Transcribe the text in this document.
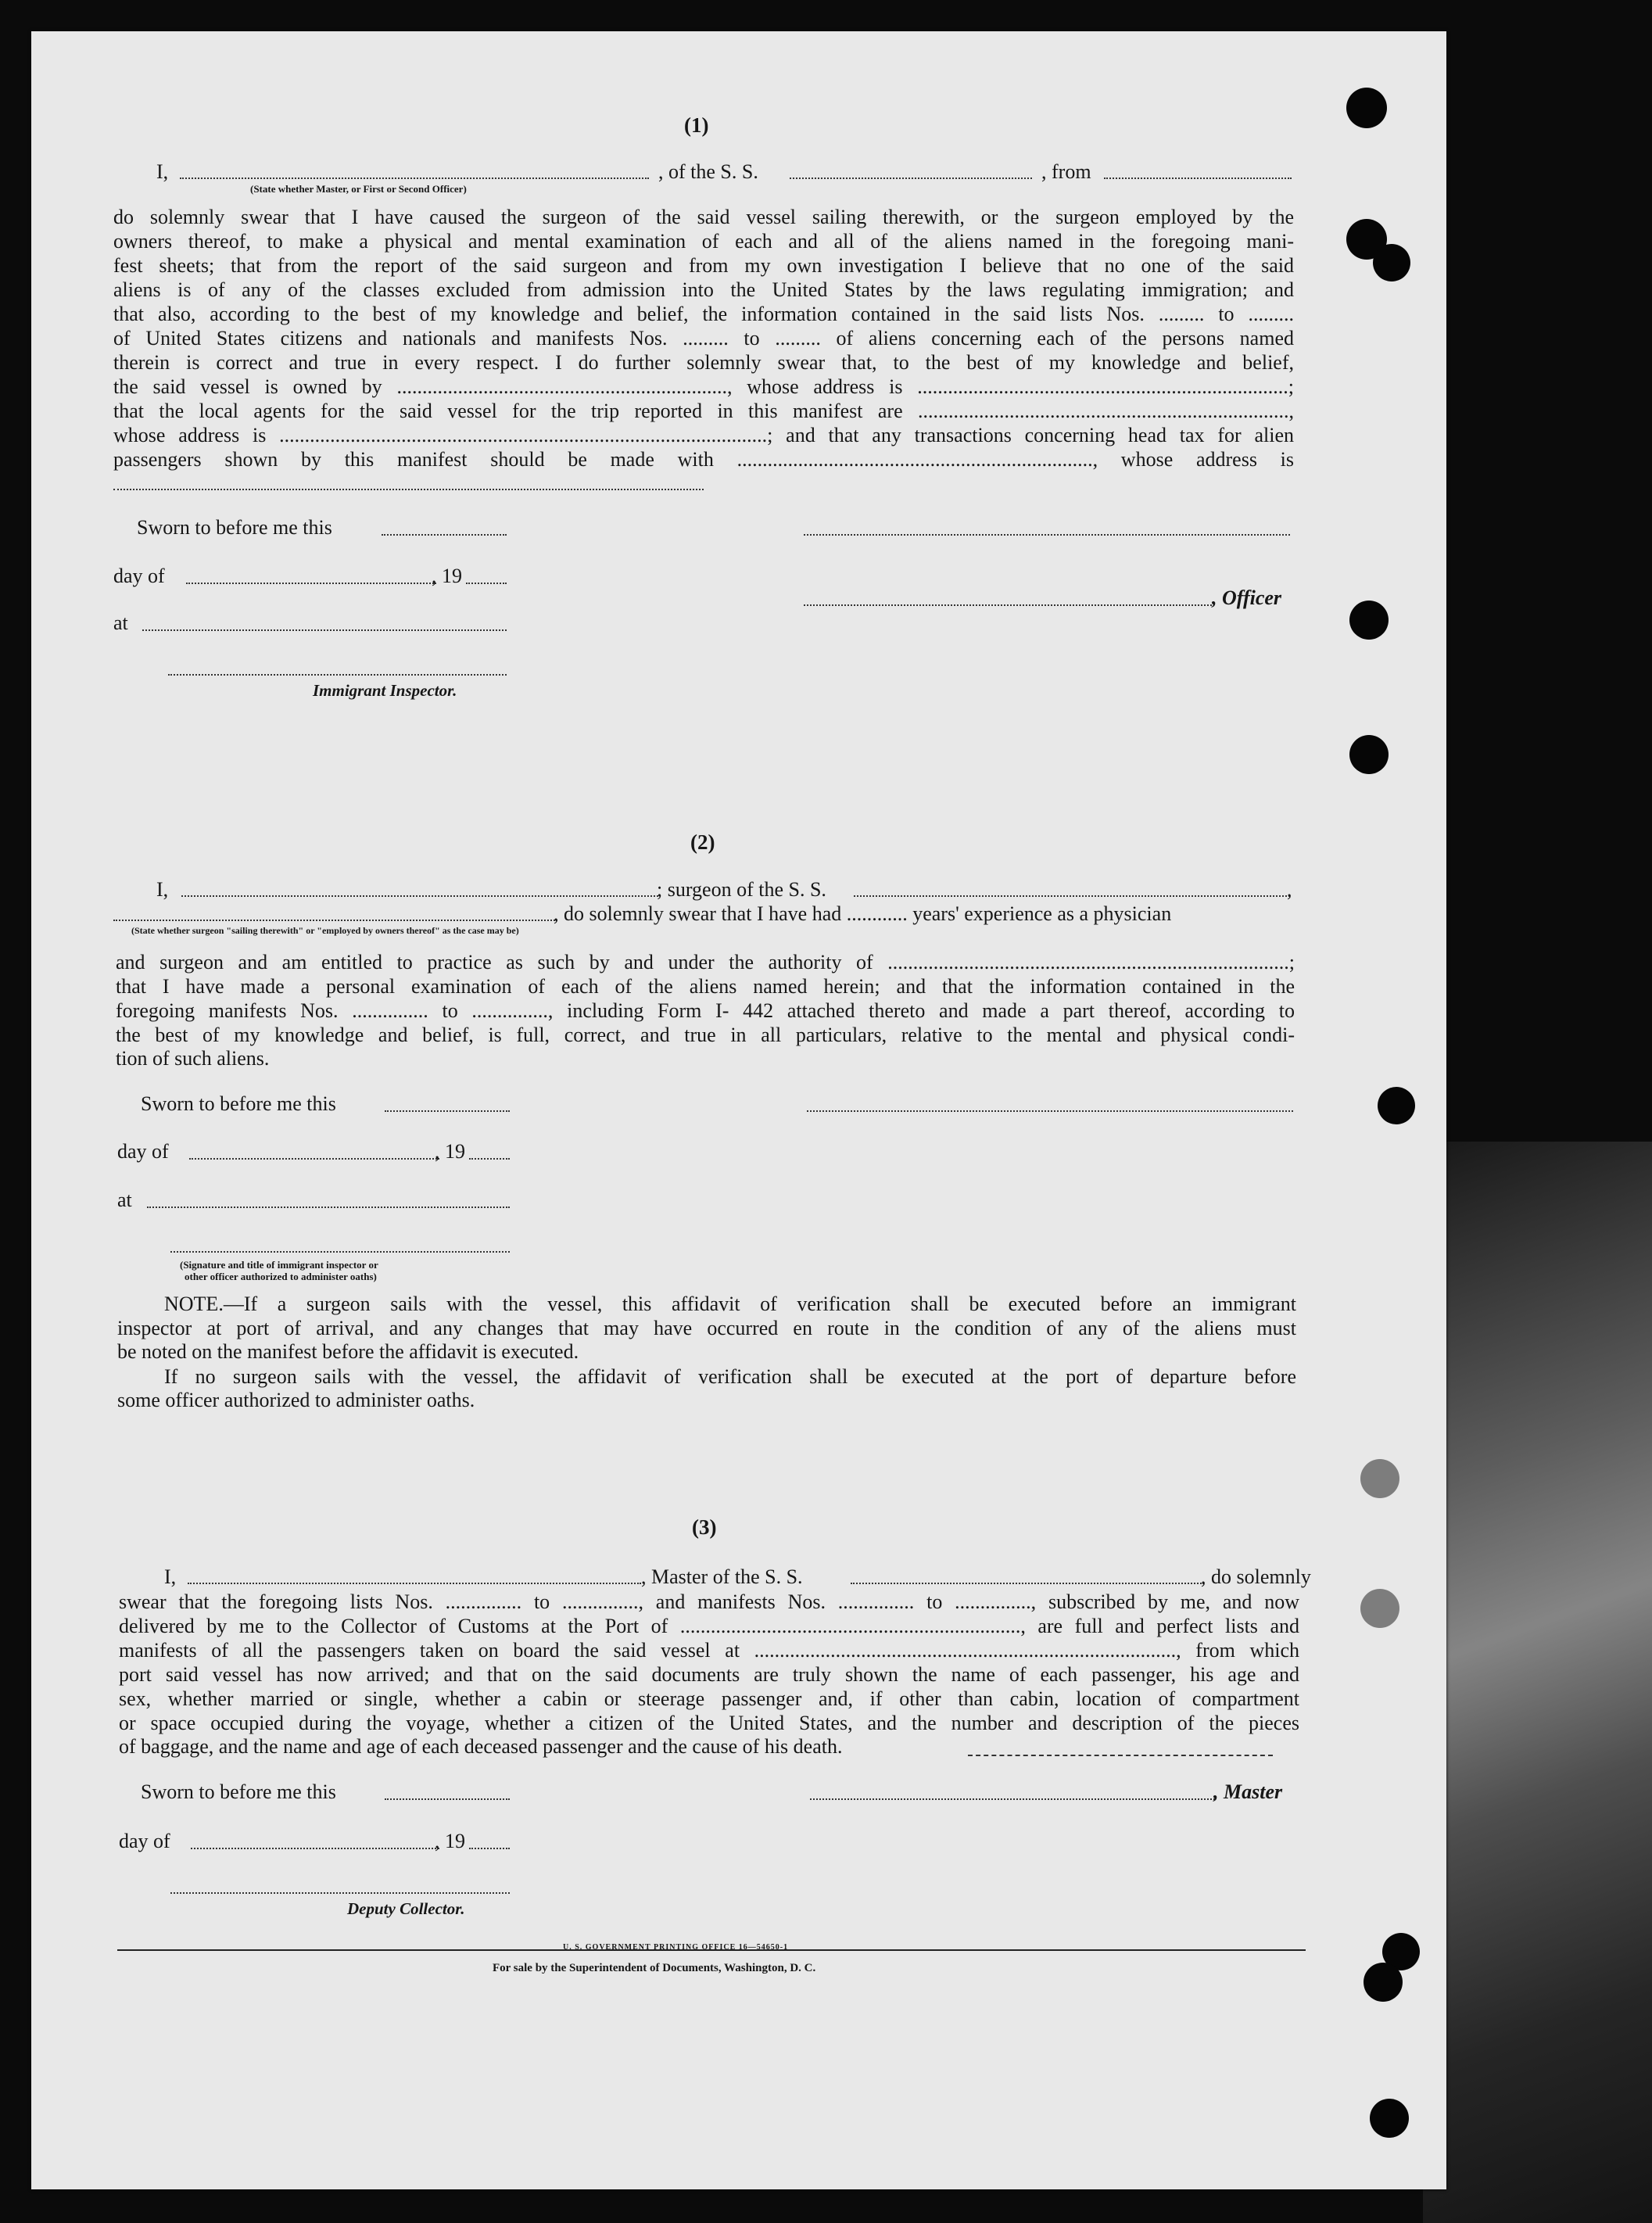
(1)
I,	, of the S. S.	, from
(State whether Master, or First or Second Officer)
do solemnly swear that I have caused the surgeon of the said vessel sailing therewith, or the surgeon employed by the
owners thereof, to make a physical and mental examination of each and all of the aliens named in the foregoing mani-
fest sheets; that from the report of the said surgeon and from my own investigation I believe that no one of the said
aliens is of any of the classes excluded from admission into the United States by the laws regulating immigration; and
that also, according to the best of my knowledge and belief, the information contained in the said lists Nos. ......... to .........
of United States citizens and nationals and manifests Nos. ......... to ......... of aliens concerning each of the persons named
therein is correct and true in every respect. I do further solemnly swear that, to the best of my knowledge and belief,
the said vessel is owned by ................................................................., whose address is .........................................................................;
that the local agents for the said vessel for the trip reported in this manifest are .........................................................................,
whose address is ................................................................................................; and that any transactions concerning head tax for alien
passengers shown by this manifest should be made with ......................................................................, whose address is
Sworn to before me this
day of	, 19
, Officer
at
Immigrant Inspector.
(2)
I,	; surgeon of the S. S.	,
, do solemnly swear that I have had ............ years' experience as a physician
(State whether surgeon "sailing therewith" or "employed by owners thereof" as the case may be)
and surgeon and am entitled to practice as such by and under the authority of ...............................................................................;
that I have made a personal examination of each of the aliens named herein; and that the information contained in the
foregoing manifests Nos. ............... to ..............., including Form I- 442 attached thereto and made a part thereof, according to
the best of my knowledge and belief, is full, correct, and true in all particulars, relative to the mental and physical condi-
tion of such aliens.
Sworn to before me this
day of	, 19
at
(Signature and title of immigrant inspector or
other officer authorized to administer oaths)
NOTE.—If a surgeon sails with the vessel, this affidavit of verification shall be executed before an immigrant
inspector at port of arrival, and any changes that may have occurred en route in the condition of any of the aliens must
be noted on the manifest before the affidavit is executed.
If no surgeon sails with the vessel, the affidavit of verification shall be executed at the port of departure before
some officer authorized to administer oaths.
(3)
I,	, Master of the S. S.	, do solemnly
swear that the foregoing lists Nos. ............... to ..............., and manifests Nos. ............... to ..............., subscribed by me, and now
delivered by me to the Collector of Customs at the Port of ..................................................................., are full and perfect lists and
manifests of all the passengers taken on board the said vessel at ..................................................................................., from which
port said vessel has now arrived; and that on the said documents are truly shown the name of each passenger, his age and
sex, whether married or single, whether a cabin or steerage passenger and, if other than cabin, location of compartment
or space occupied during the voyage, whether a citizen of the United States, and the number and description of the pieces
of baggage, and the name and age of each deceased passenger and the cause of his death.
Sworn to before me this	, Master
day of	, 19
Deputy Collector.
U. S. GOVERNMENT PRINTING OFFICE 16—54650-1
For sale by the Superintendent of Documents, Washington, D. C.
